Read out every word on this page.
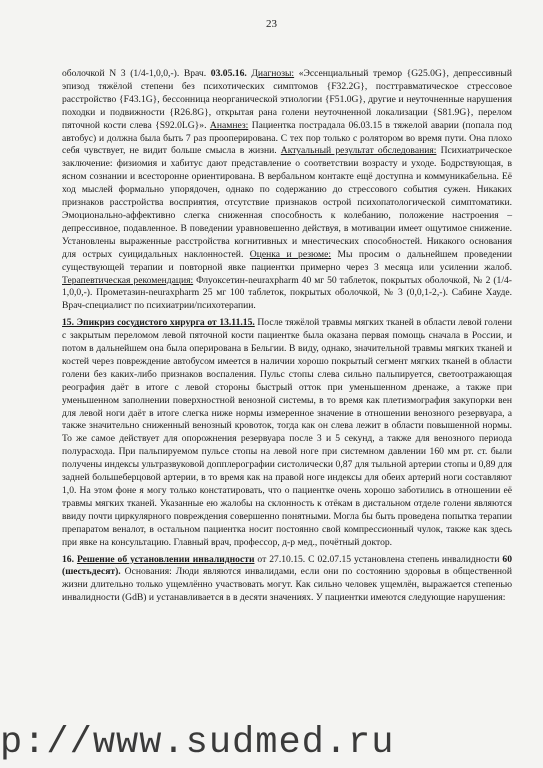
23

оболочкой N 3 (1/4-1,0,0,-). Врач. 03.05.16. Диагнозы: «Эссенциальный тремор {G25.0G}, депрессивный эпизод тяжёлой степени без психотических симптомов {F32.2G}, посттравматическое стрессовое расстройство {F43.1G}, бессонница неорганической этиологии {F51.0G}, другие и неуточненные нарушения походки и подвижности {R26.8G}, открытая рана голени неуточненной локализации {S81.9G}, перелом пяточной кости слева {S92.0LG}». Анамнез: Пациентка пострадала 06.03.15 в тяжелой аварии (попала под автобус) и должна была быть 7 раз прооперирована. С тех пор только с ролятором во время пути. Она плохо себя чувствует, не видит больше смысла в жизни. Актуальный результат обследования: Психиатрическое заключение: физиомия и хабитус дают представление о соответствии возрасту и уходе. Бодрствующая, в ясном сознании и всесторонне ориентирована. В вербальном контакте ещё доступна и коммуникабельна. Её ход мыслей формально упорядочен, однако по содержанию до стрессового события сужен. Никаких признаков расстройства восприятия, отсутствие признаков острой психопатологической симптоматики. Эмоционально-аффективно слегка сниженная способность к колебанию, положение настроения – депрессивное, подавленное. В поведении уравновешенно действуя, в мотивации имеет ощутимое снижение. Установлены выраженные расстройства когнитивных и мнестических способностей. Никакого основания для острых суицидальных наклонностей. Оценка и резюме: Мы просим о дальнейшем проведении существующей терапии и повторной явке пациентки примерно через 3 месяца или усилении жалоб. Терапевтическая рекомендация: Флуоксетин-neuraxpharm 40 мг 50 таблеток, покрытых оболочкой, № 2 (1/4-1,0,0,-). Прометазин-neuraxpharm 25 мг 100 таблеток, покрытых оболочкой, № 3 (0,0,1-2,-). Сабине Хауде. Врач-специалист по психиатрии/психотерапии.

15. Эпикриз сосудистого хирурга от 13.11.15. После тяжёлой травмы мягких тканей в области левой голени с закрытым переломом левой пяточной кости пациентке была оказана первая помощь сначала в России, и потом в дальнейшем она была оперирована в Бельгии. В виду, однако, значительной травмы мягких тканей и костей через повреждение автобусом имеется в наличии хорошо покрытый сегмент мягких тканей в области голени без каких-либо признаков воспаления. Пульс стопы слева сильно пальпируется, светоотражающая реография даёт в итоге с левой стороны быстрый отток при уменьшенном дренаже, а также при уменьшенном заполнении поверхностной венозной системы, в то время как плетизмография закупорки вен для левой ноги даёт в итоге слегка ниже нормы измеренное значение в отношении венозного резервуара, а также значительно сниженный венозный кровоток, тогда как он слева лежит в области повышенной нормы. То же самое действует для опорожнения резервуара после 3 и 5 секунд, а также для венозного периода полурасхода. При пальпируемом пульсе стопы на левой ноге при системном давлении 160 мм рт. ст. были получены индексы ультразвуковой допплерографии систолически 0,87 для тыльной артерии стопы и 0,89 для задней большеберцовой артерии, в то время как на правой ноге индексы для обеих артерий ноги составляют 1,0. На этом фоне я могу только констатировать, что о пациентке очень хорошо заботились в отношении её травмы мягких тканей. Указанные ею жалобы на склонность к отёкам в дистальном отделе голени являются ввиду почти циркулярного повреждения совершенно понятными. Могла бы быть проведена попытка терапии препаратом веналот, в остальном пациентка носит постоянно свой компрессионный чулок, также как здесь при явке на консультацию. Главный врач, профессор, д-р мед., почётный доктор.

16. Решение об установлении инвалидности от 27.10.15. С 02.07.15 установлена степень инвалидности 60 (шестьдесят). Основания: Люди являются инвалидами, если они по состоянию здоровья в общественной жизни длительно только ущемлённо участвовать могут. Как сильно человек ущемлён, выражается степенью инвалидности (GdB) и устанавливается в в десяти значениях. У пациентки имеются следующие нарушения:

p://www.sudmed.ru
